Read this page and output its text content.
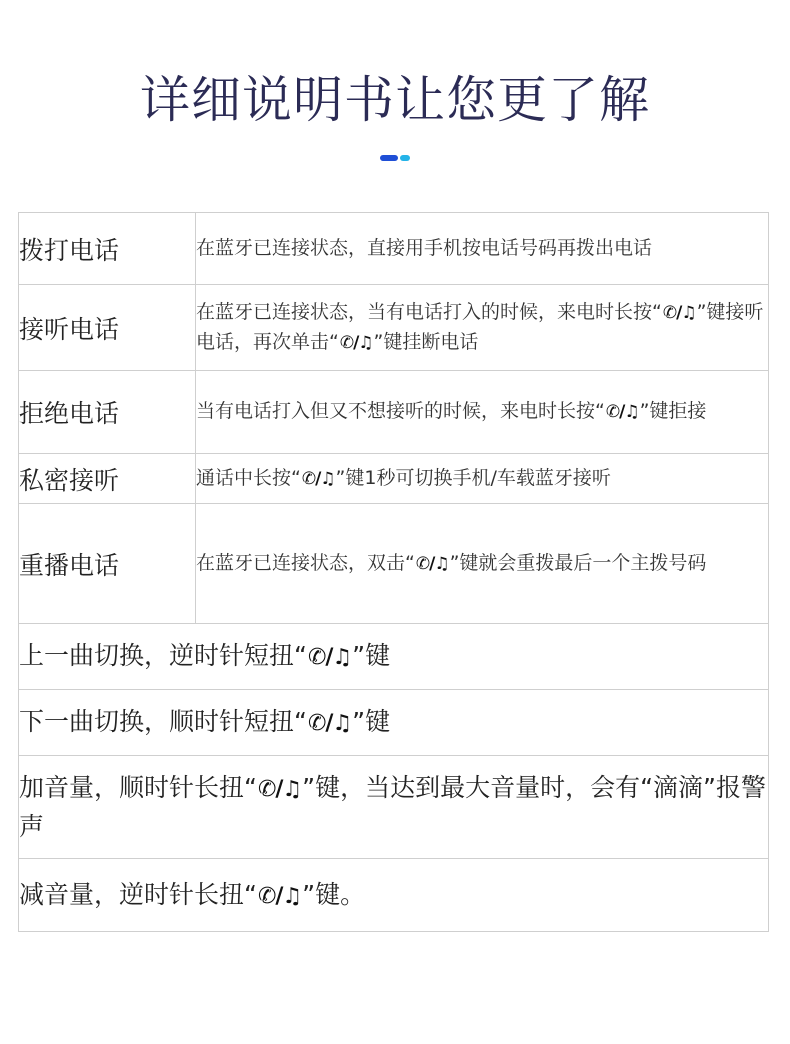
详细说明书让您更了解
拨打电话	在蓝牙已连接状态，直接用手机按电话号码再拨出电话
接听电话	在蓝牙已连接状态，当有电话打入的时候，来电时长按“✆/♫”键接听电话，再次单击“✆/♫”键挂断电话
拒绝电话	当有电话打入但又不想接听的时候，来电时长按“✆/♫”键拒接
私密接听	通话中长按“✆/♫”键1秒可切换手机/车载蓝牙接听
重播电话	在蓝牙已连接状态，双击“✆/♫”键就会重拨最后一个主拨号码
上一曲切换，逆时针短扭“✆/♫”键	
下一曲切换，顺时针短扭“✆/♫”键	
加音量，顺时针长扭“✆/♫”键，当达到最大音量时，会有“滴滴”报警声	
减音量，逆时针长扭“✆/♫”键。	
